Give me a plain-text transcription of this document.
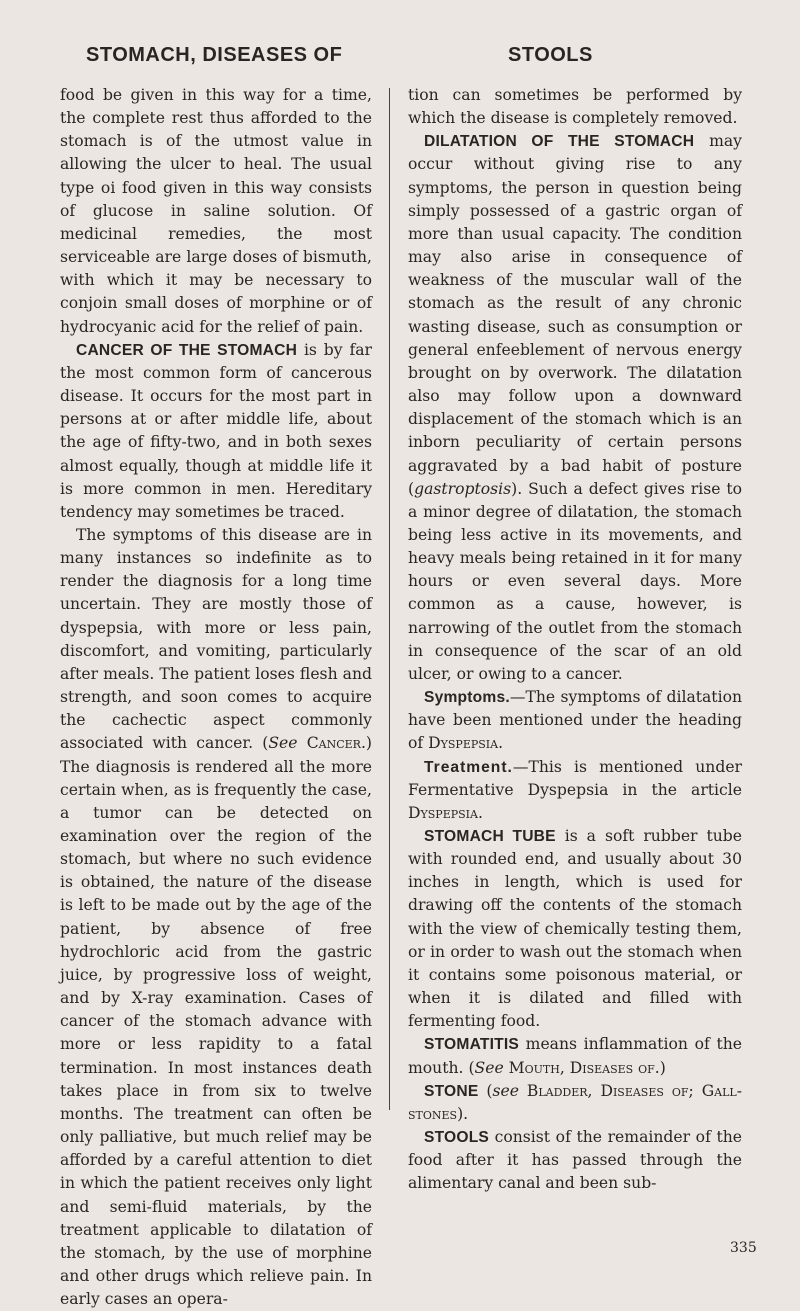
STOMACH, DISEASES OF	STOOLS

food be given in this way for a time, the complete rest thus afforded to the stomach is of the utmost value in allowing the ulcer to heal. The usual type oi food given in this way consists of glucose in saline solution. Of medicinal remedies, the most serviceable are large doses of bismuth, with which it may be necessary to conjoin small doses of morphine or of hydrocyanic acid for the relief of pain.

CANCER OF THE STOMACH is by far the most common form of cancerous disease. It occurs for the most part in persons at or after middle life, about the age of fifty-two, and in both sexes almost equally, though at middle life it is more common in men. Hereditary tendency may sometimes be traced.

The symptoms of this disease are in many instances so indefinite as to render the diagnosis for a long time uncertain. They are mostly those of dyspepsia, with more or less pain, discomfort, and vomiting, particularly after meals. The patient loses flesh and strength, and soon comes to acquire the cachectic aspect commonly associated with cancer. (See Cancer.) The diagnosis is rendered all the more certain when, as is frequently the case, a tumor can be detected on examination over the region of the stomach, but where no such evidence is obtained, the nature of the disease is left to be made out by the age of the patient, by absence of free hydrochloric acid from the gastric juice, by progressive loss of weight, and by X-ray examination. Cases of cancer of the stomach advance with more or less rapidity to a fatal termination. In most instances death takes place in from six to twelve months. The treatment can often be only palliative, but much relief may be afforded by a careful attention to diet in which the patient receives only light and semi-fluid materials, by the treatment applicable to dilatation of the stomach, by the use of morphine and other drugs which relieve pain. In early cases an opera-

tion can sometimes be performed by which the disease is completely removed.

DILATATION OF THE STOMACH may occur without giving rise to any symptoms, the person in question being simply possessed of a gastric organ of more than usual capacity. The condition may also arise in consequence of weakness of the muscular wall of the stomach as the result of any chronic wasting disease, such as consumption or general enfeeblement of nervous energy brought on by overwork. The dilatation also may follow upon a downward displacement of the stomach which is an inborn peculiarity of certain persons aggravated by a bad habit of posture (gastroptosis). Such a defect gives rise to a minor degree of dilatation, the stomach being less active in its movements, and heavy meals being retained in it for many hours or even several days. More common as a cause, however, is narrowing of the outlet from the stomach in consequence of the scar of an old ulcer, or owing to a cancer.

Symptoms.—The symptoms of dilatation have been mentioned under the heading of Dyspepsia.

Treatment.—This is mentioned under Fermentative Dyspepsia in the article Dyspepsia.

STOMACH TUBE is a soft rubber tube with rounded end, and usually about 30 inches in length, which is used for drawing off the contents of the stomach with the view of chemically testing them, or in order to wash out the stomach when it contains some poisonous material, or when it is dilated and filled with fermenting food.

STOMATITIS means inflammation of the mouth. (See Mouth, Diseases of.)

STONE (see Bladder, Diseases of; Gall-stones).

STOOLS consist of the remainder of the food after it has passed through the alimentary canal and been sub-

335
